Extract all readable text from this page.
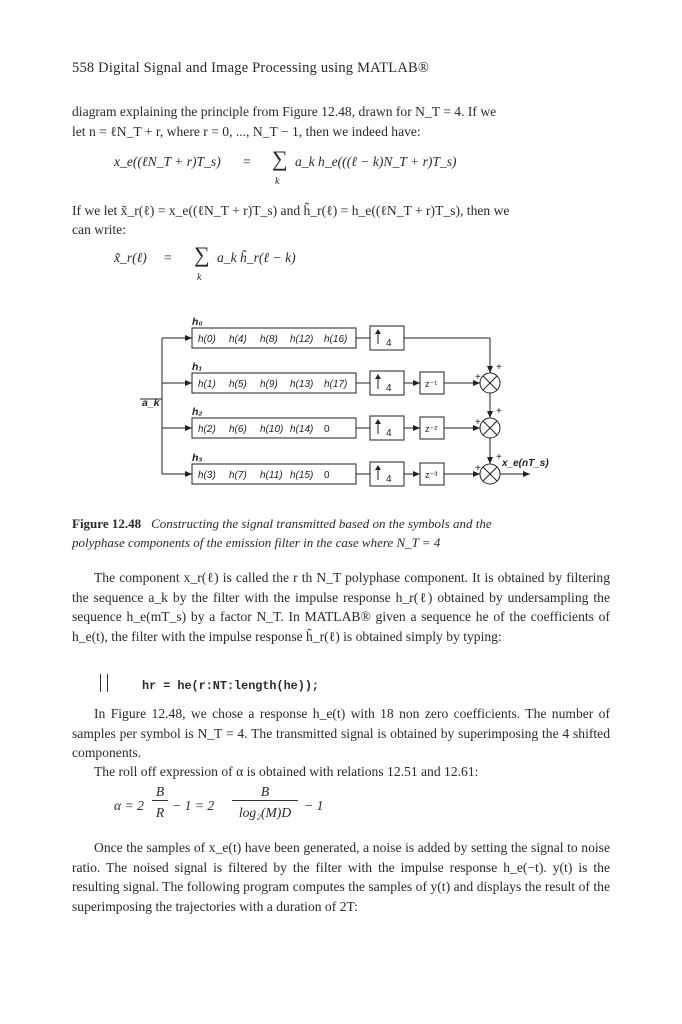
558 Digital Signal and Image Processing using MATLAB®
diagram explaining the principle from Figure 12.48, drawn for N_T = 4. If we
let n = ℓN_T + r, where r = 0, ..., N_T − 1, then we indeed have:
x_e((ℓN_T + r)T_s) = ∑
k
a_k h_e(((ℓ − k)N_T + r)T_s)
If we let x̃_r(ℓ) = x_e((ℓN_T + r)T_s) and h̃_r(ℓ) = h_e((ℓN_T + r)T_s), then we
can write:
x̃_r(ℓ) = ∑
k
a_k h̃_r(ℓ − k)
a_k
x_e(nT_s)
h₀
h(0) h(4) h(8) h(12) h(16)	4
h₁
h(1) h(5) h(9) h(13) h(17)	4	z⁻¹
h₂
h(2) h(6) h(10) h(14) 0	4	z⁻²
h₃
h(3) h(7) h(11) h(15) 0	4	z⁻³
+
+
+
+
+
+
Figure 12.48 Constructing the signal transmitted based on the symbols and the
polyphase components of the emission filter in the case where N_T = 4
The component x_r(ℓ) is called the r th N_T polyphase component. It is obtained by filtering the sequence a_k by the filter with the impulse response h_r(ℓ) obtained by undersampling the sequence h_e(mT_s) by a factor N_T. In MATLAB® given a sequence he of the coefficients of h_e(t), the filter with the impulse response h̃_r(ℓ) is obtained simply by typing:
hr = he(r:NT:length(he));
In Figure 12.48, we chose a response h_e(t) with 18 non zero coefficients. The number of samples per symbol is N_T = 4. The transmitted signal is obtained by superimposing the 4 shifted components.
The roll off expression of α is obtained with relations 12.51 and 12.61:
α = 2
B
R − 1 = 2
B
log₂(M)D − 1
Once the samples of x_e(t) have been generated, a noise is added by setting the signal to noise ratio. The noised signal is filtered by the filter with the impulse response h_e(−t). y(t) is the resulting signal. The following program computes the samples of y(t) and displays the result of the superimposing the trajectories with a duration of 2T:
